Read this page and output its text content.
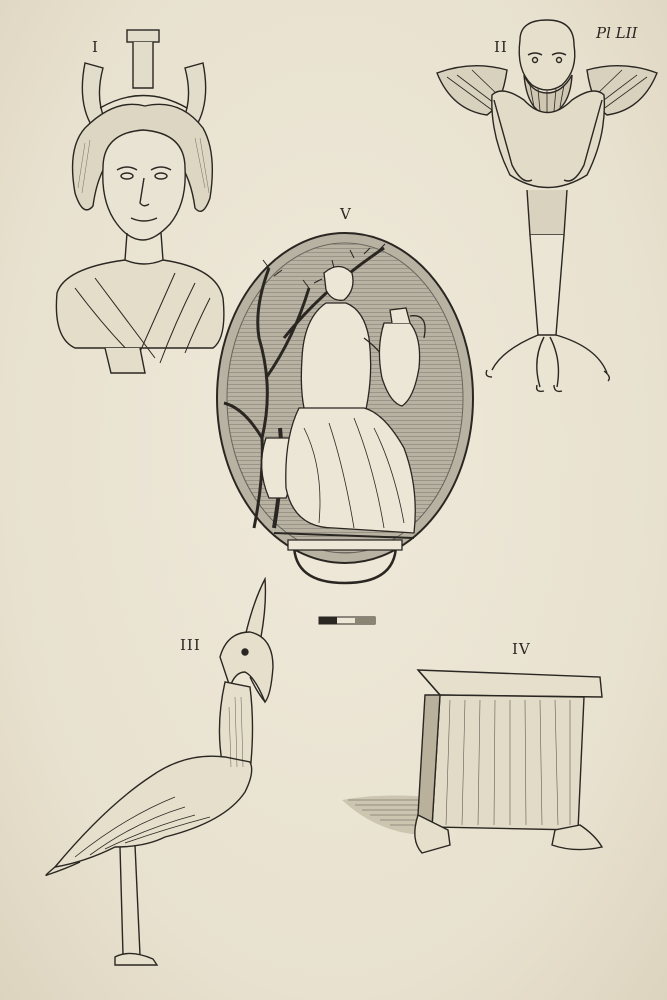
I	II
Pl LII
V
III	IV
